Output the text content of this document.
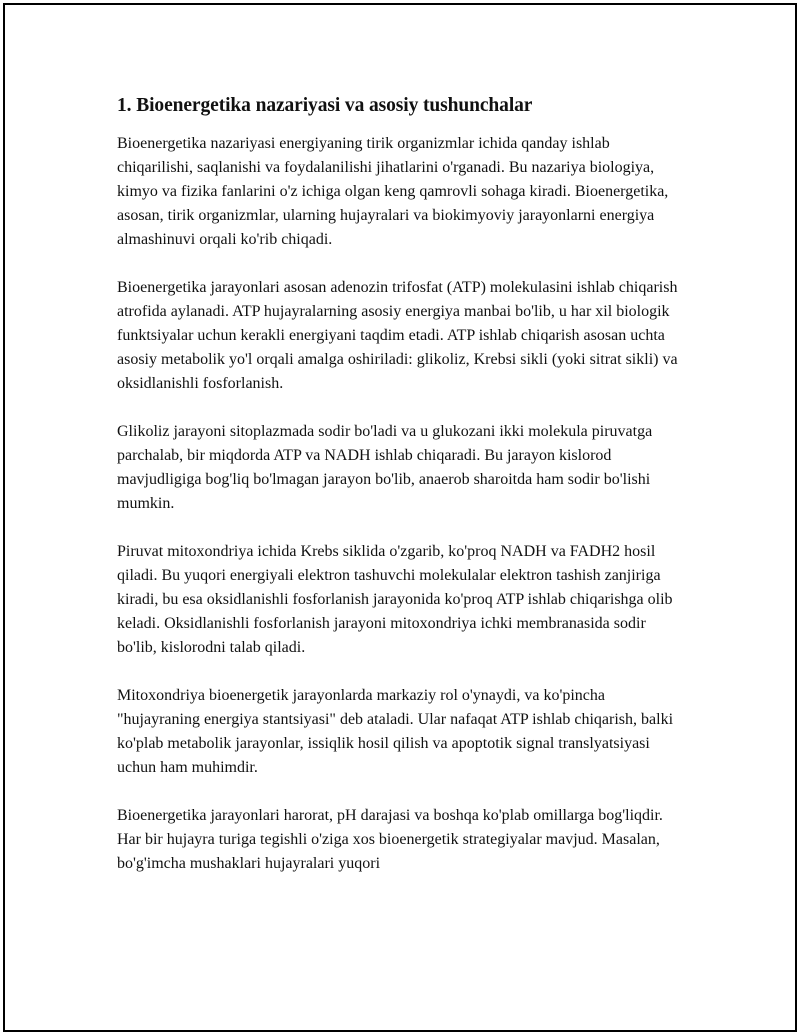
1. Bioenergetika nazariyasi va asosiy tushunchalar

Bioenergetika nazariyasi energiyaning tirik organizmlar ichida qanday ishlab chiqarilishi, saqlanishi va foydalanilishi jihatlarini o'rganadi. Bu nazariya biologiya, kimyo va fizika fanlarini o'z ichiga olgan keng qamrovli sohaga kiradi. Bioenergetika, asosan, tirik organizmlar, ularning hujayralari va biokimyoviy jarayonlarni energiya almashinuvi orqali ko'rib chiqadi.

Bioenergetika jarayonlari asosan adenozin trifosfat (ATP) molekulasini ishlab chiqarish atrofida aylanadi. ATP hujayralarning asosiy energiya manbai bo'lib, u har xil biologik funktsiyalar uchun kerakli energiyani taqdim etadi. ATP ishlab chiqarish asosan uchta asosiy metabolik yo'l orqali amalga oshiriladi: glikoliz, Krebsi sikli (yoki sitrat sikli) va oksidlanishli fosforlanish.

Glikoliz jarayoni sitoplazmada sodir bo'ladi va u glukozani ikki molekula piruvatga parchalab, bir miqdorda ATP va NADH ishlab chiqaradi. Bu jarayon kislorod mavjudligiga bog'liq bo'lmagan jarayon bo'lib, anaerob sharoitda ham sodir bo'lishi mumkin.

Piruvat mitoxondriya ichida Krebs siklida o'zgarib, ko'proq NADH va FADH2 hosil qiladi. Bu yuqori energiyali elektron tashuvchi molekulalar elektron tashish zanjiriga kiradi, bu esa oksidlanishli fosforlanish jarayonida ko'proq ATP ishlab chiqarishga olib keladi. Oksidlanishli fosforlanish jarayoni mitoxondriya ichki membranasida sodir bo'lib, kislorodni talab qiladi.

Mitoxondriya bioenergetik jarayonlarda markaziy rol o'ynaydi, va ko'pincha "hujayraning energiya stantsiyasi" deb ataladi. Ular nafaqat ATP ishlab chiqarish, balki ko'plab metabolik jarayonlar, issiqlik hosil qilish va apoptotik signal translyatsiyasi uchun ham muhimdir.

Bioenergetika jarayonlari harorat, pH darajasi va boshqa ko'plab omillarga bog'liqdir. Har bir hujayra turiga tegishli o'ziga xos bioenergetik strategiyalar mavjud. Masalan, bo'g'imcha mushaklari hujayralari yuqori
